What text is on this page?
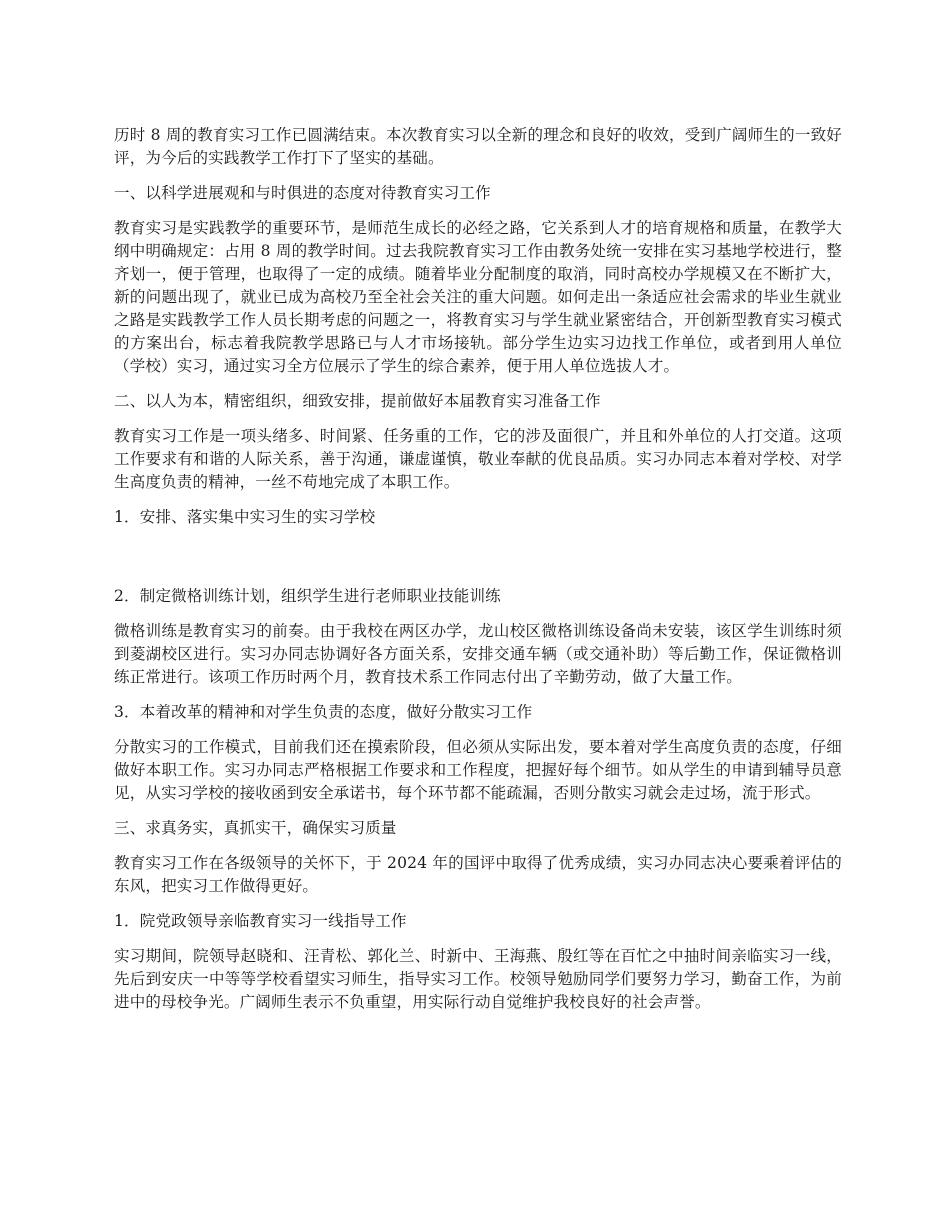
历时 8 周的教育实习工作已圆满结束。本次教育实习以全新的理念和良好的收效，受到广阔师生的一致好评，为今后的实践教学工作打下了坚实的基础。

一、以科学进展观和与时俱进的态度对待教育实习工作

教育实习是实践教学的重要环节，是师范生成长的必经之路，它关系到人才的培育规格和质量，在教学大纲中明确规定：占用 8 周的教学时间。过去我院教育实习工作由教务处统一安排在实习基地学校进行，整齐划一，便于管理，也取得了一定的成绩。随着毕业分配制度的取消，同时高校办学规模又在不断扩大，新的问题出现了，就业已成为高校乃至全社会关注的重大问题。如何走出一条适应社会需求的毕业生就业之路是实践教学工作人员长期考虑的问题之一，将教育实习与学生就业紧密结合，开创新型教育实习模式的方案出台，标志着我院教学思路已与人才市场接轨。部分学生边实习边找工作单位，或者到用人单位（学校）实习，通过实习全方位展示了学生的综合素养，便于用人单位选拔人才。

二、以人为本，精密组织，细致安排，提前做好本届教育实习准备工作

教育实习工作是一项头绪多、时间紧、任务重的工作，它的涉及面很广，并且和外单位的人打交道。这项工作要求有和谐的人际关系，善于沟通，谦虚谨慎，敬业奉献的优良品质。实习办同志本着对学校、对学生高度负责的精神，一丝不苟地完成了本职工作。

1．安排、落实集中实习生的实习学校

2．制定微格训练计划，组织学生进行老师职业技能训练

微格训练是教育实习的前奏。由于我校在两区办学，龙山校区微格训练设备尚未安装，该区学生训练时须到菱湖校区进行。实习办同志协调好各方面关系，安排交通车辆（或交通补助）等后勤工作，保证微格训练正常进行。该项工作历时两个月，教育技术系工作同志付出了辛勤劳动，做了大量工作。

3．本着改革的精神和对学生负责的态度，做好分散实习工作

分散实习的工作模式，目前我们还在摸索阶段，但必须从实际出发，要本着对学生高度负责的态度，仔细做好本职工作。实习办同志严格根据工作要求和工作程度，把握好每个细节。如从学生的申请到辅导员意见，从实习学校的接收函到安全承诺书，每个环节都不能疏漏，否则分散实习就会走过场，流于形式。

三、求真务实，真抓实干，确保实习质量

教育实习工作在各级领导的关怀下，于 2024 年的国评中取得了优秀成绩，实习办同志决心要乘着评估的东风，把实习工作做得更好。

1．院党政领导亲临教育实习一线指导工作

实习期间，院领导赵晓和、汪青松、郭化兰、时新中、王海燕、殷红等在百忙之中抽时间亲临实习一线，先后到安庆一中等等学校看望实习师生，指导实习工作。校领导勉励同学们要努力学习，勤奋工作，为前进中的母校争光。广阔师生表示不负重望，用实际行动自觉维护我校良好的社会声誉。
